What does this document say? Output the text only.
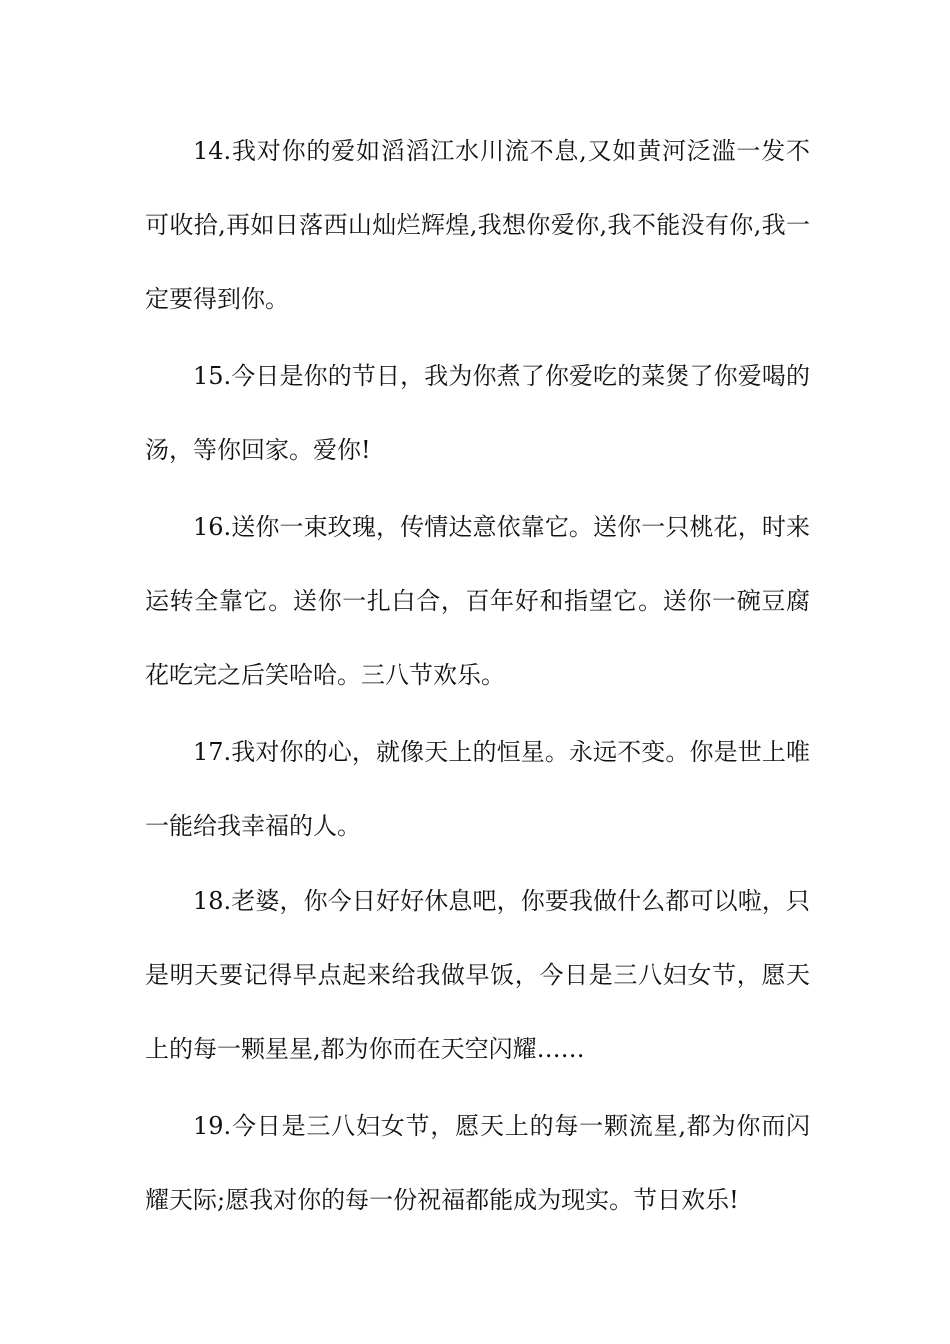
14.我对你的爱如滔滔江水川流不息,又如黄河泛滥一发不可收拾,再如日落西山灿烂辉煌,我想你爱你,我不能没有你,我一定要得到你。

15.今日是你的节日，我为你煮了你爱吃的菜煲了你爱喝的汤，等你回家。爱你!

16.送你一束玫瑰，传情达意依靠它。送你一只桃花，时来运转全靠它。送你一扎白合，百年好和指望它。送你一碗豆腐花吃完之后笑哈哈。三八节欢乐。

17.我对你的心，就像天上的恒星。永远不变。你是世上唯一能给我幸福的人。

18.老婆，你今日好好休息吧，你要我做什么都可以啦，只是明天要记得早点起来给我做早饭，今日是三八妇女节，愿天上的每一颗星星,都为你而在天空闪耀……

19.今日是三八妇女节，愿天上的每一颗流星,都为你而闪耀天际;愿我对你的每一份祝福都能成为现实。节日欢乐!
